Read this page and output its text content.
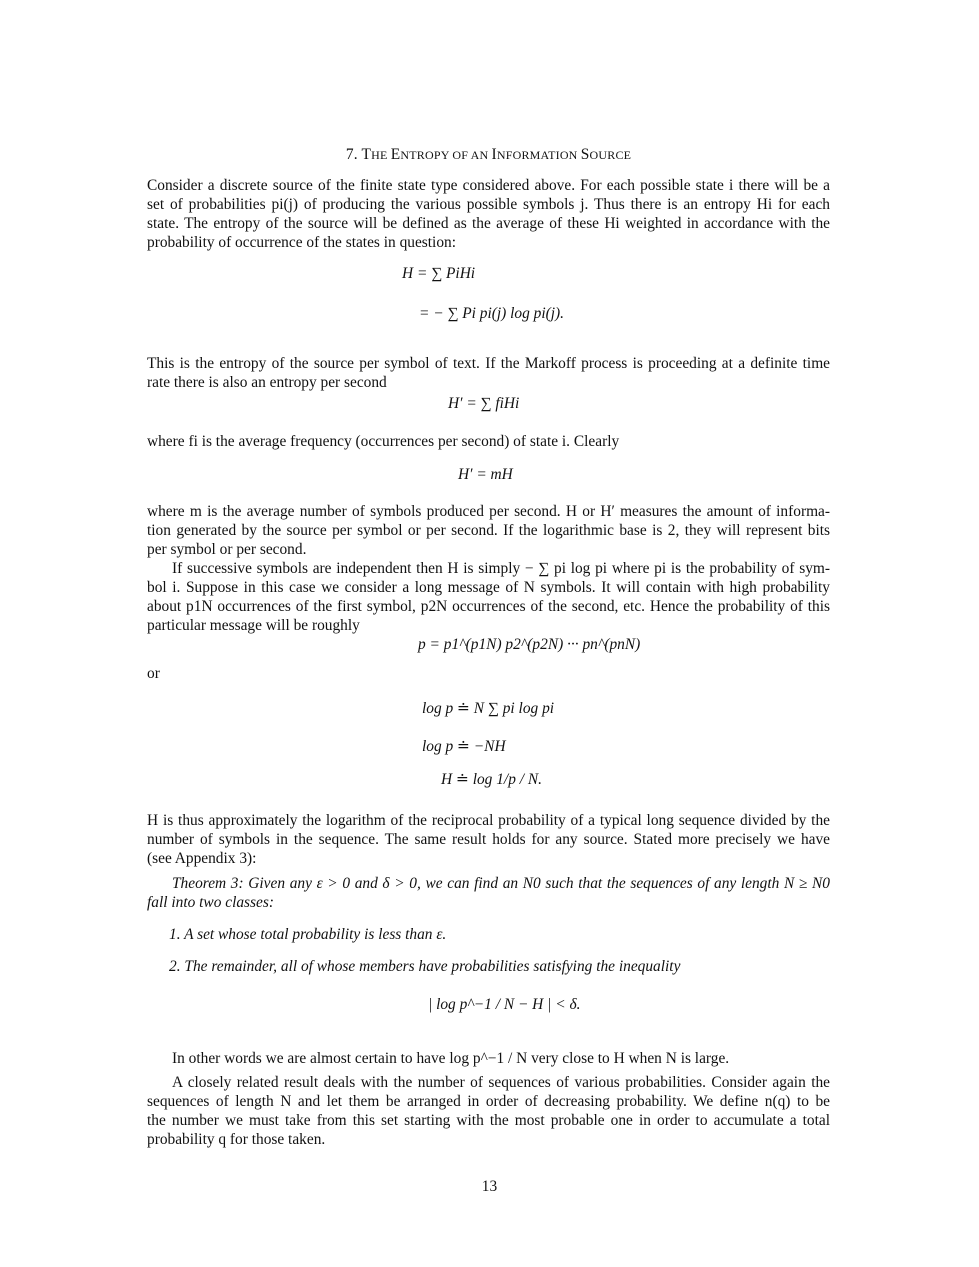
7. THE ENTROPY OF AN INFORMATION SOURCE
Consider a discrete source of the finite state type considered above. For each possible state i there will be a
set of probabilities pi(j) of producing the various possible symbols j. Thus there is an entropy Hi for each
state. The entropy of the source will be defined as the average of these Hi weighted in accordance with the
probability of occurrence of the states in question:
H = ∑ PiHi
= − ∑ Pi pi(j) log pi(j).
This is the entropy of the source per symbol of text. If the Markoff process is proceeding at a definite time
rate there is also an entropy per second
H′ = ∑ fiHi
where fi is the average frequency (occurrences per second) of state i. Clearly
H′ = mH
where m is the average number of symbols produced per second. H or H′ measures the amount of informa-
tion generated by the source per symbol or per second. If the logarithmic base is 2, they will represent bits
per symbol or per second.
If successive symbols are independent then H is simply − ∑ pi log pi where pi is the probability of sym-
bol i. Suppose in this case we consider a long message of N symbols. It will contain with high probability
about p1N occurrences of the first symbol, p2N occurrences of the second, etc. Hence the probability of this
particular message will be roughly
p = p1^(p1N) p2^(p2N) ··· pn^(pnN)
or
log p ≐ N ∑ pi log pi
log p ≐ −NH
H ≐ log 1/p / N.
H is thus approximately the logarithm of the reciprocal probability of a typical long sequence divided by the
number of symbols in the sequence. The same result holds for any source. Stated more precisely we have
(see Appendix 3):
Theorem 3: Given any ε > 0 and δ > 0, we can find an N0 such that the sequences of any length N ≥ N0
fall into two classes:
1. A set whose total probability is less than ε.
2. The remainder, all of whose members have probabilities satisfying the inequality
| log p^−1 / N − H | < δ.
In other words we are almost certain to have log p^−1 / N very close to H when N is large.
A closely related result deals with the number of sequences of various probabilities. Consider again the
sequences of length N and let them be arranged in order of decreasing probability. We define n(q) to be
the number we must take from this set starting with the most probable one in order to accumulate a total
probability q for those taken.
13
